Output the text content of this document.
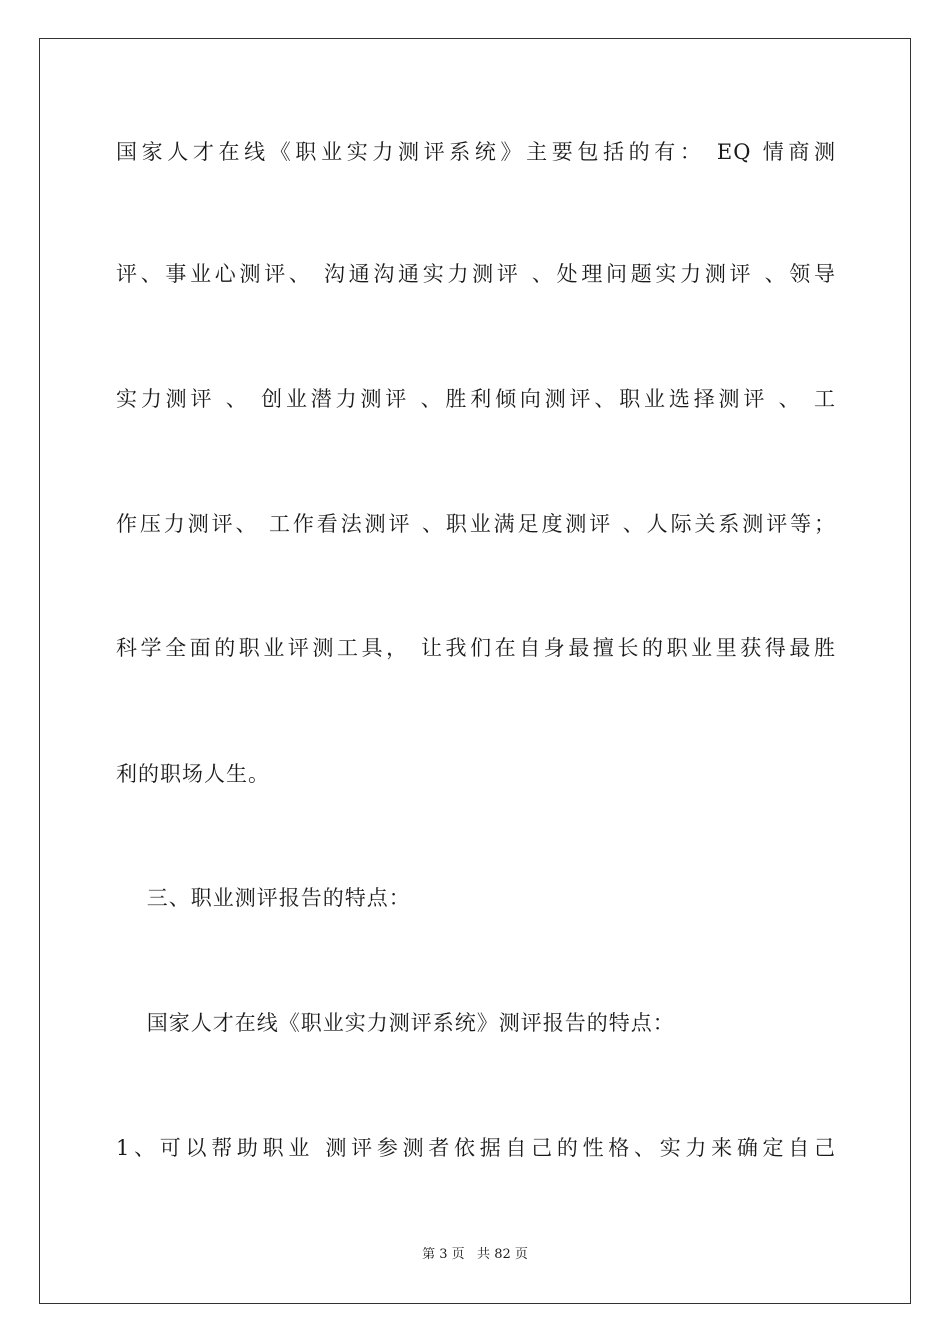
国家人才在线《职业实力测评系统》主要包括的有： EQ 情商测
评、事业心测评、 沟通沟通实力测评 、处理问题实力测评 、领导
实力测评 、 创业潜力测评 、胜利倾向测评、职业选择测评 、 工
作压力测评、 工作看法测评 、职业满足度测评 、人际关系测评等；
科学全面的职业评测工具， 让我们在自身最擅长的职业里获得最胜
利的职场人生。
三、职业测评报告的特点：
国家人才在线《职业实力测评系统》测评报告的特点：
1、可以帮助职业 测评参测者依据自己的性格、实力来确定自己
第 3 页   共 82 页
